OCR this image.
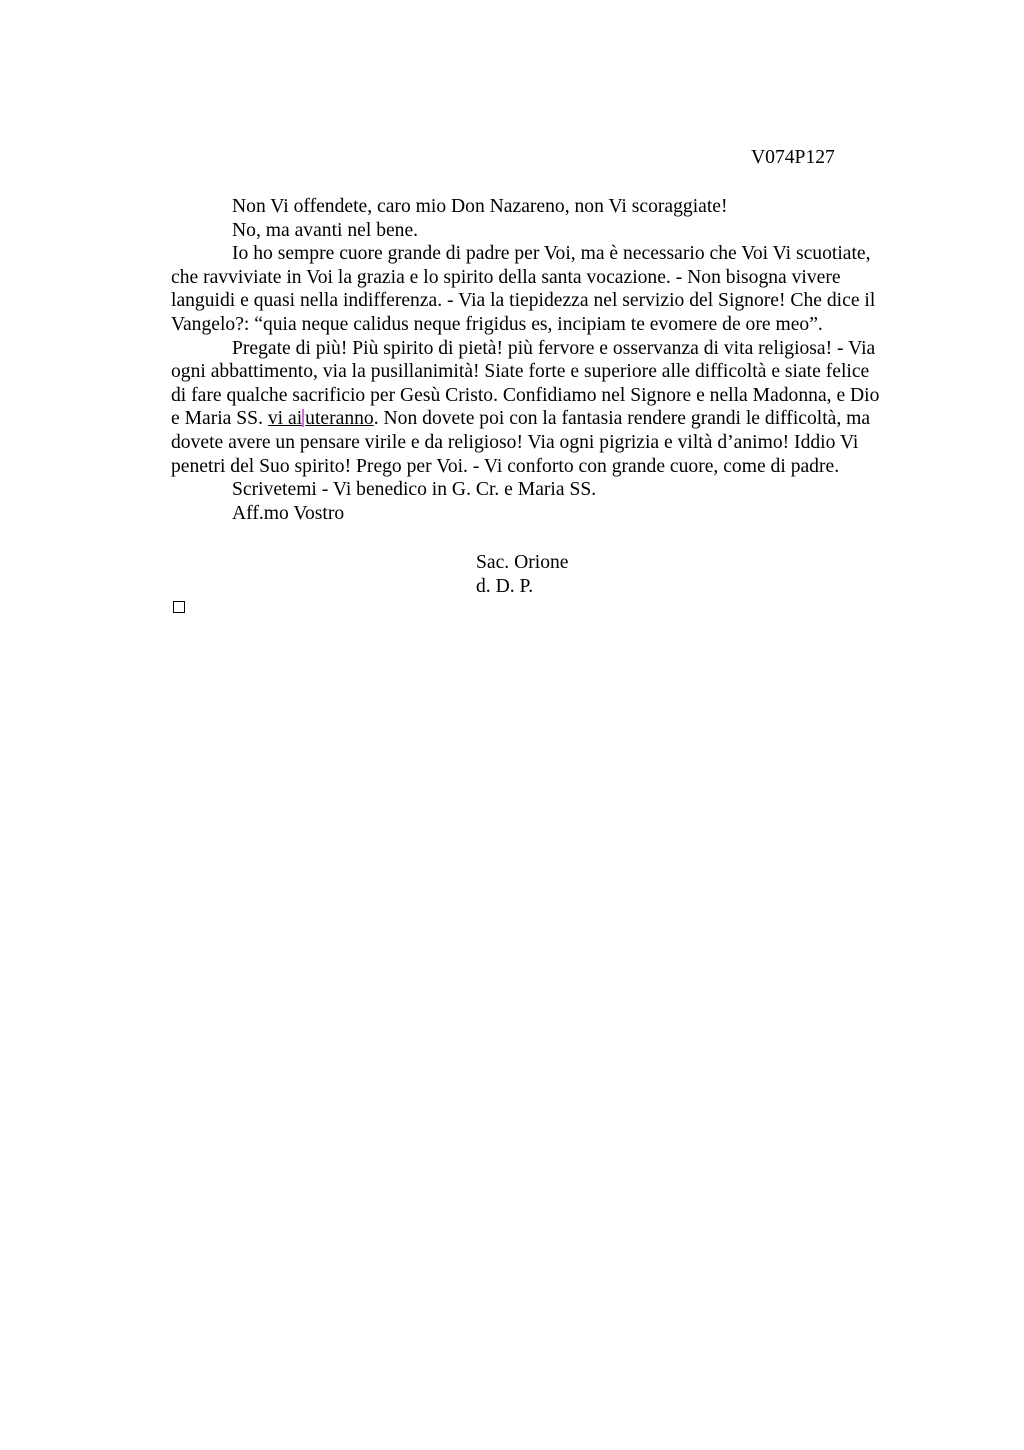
V074P127
Non Vi offendete, caro mio Don Nazareno, non Vi scoraggiate!
No, ma avanti nel bene.
Io ho sempre cuore grande di padre per Voi, ma è necessario che Voi Vi scuotiate,
che ravviviate in Voi la grazia e lo spirito della santa vocazione. - Non bisogna vivere
languidi e quasi nella indifferenza. - Via la tiepidezza nel servizio del Signore! Che dice il
Vangelo?: “quia neque calidus neque frigidus es, incipiam te evomere de ore meo”.
Pregate di più! Più spirito di pietà! più fervore e osservanza di vita religiosa! - Via
ogni abbattimento, via la pusillanimità! Siate forte e superiore alle difficoltà e siate felice
di fare qualche sacrificio per Gesù Cristo. Confidiamo nel Signore e nella Madonna, e Dio
e Maria SS. vi ai uteranno. Non dovete poi con la fantasia rendere grandi le difficoltà, ma
dovete avere un pensare virile e da religioso! Via ogni pigrizia e viltà d’animo! Iddio Vi
penetri del Suo spirito! Prego per Voi. - Vi conforto con grande cuore, come di padre.
Scrivetemi - Vi benedico in G. Cr. e Maria SS.
Aff.mo Vostro
Sac. Orione
d. D. P.
